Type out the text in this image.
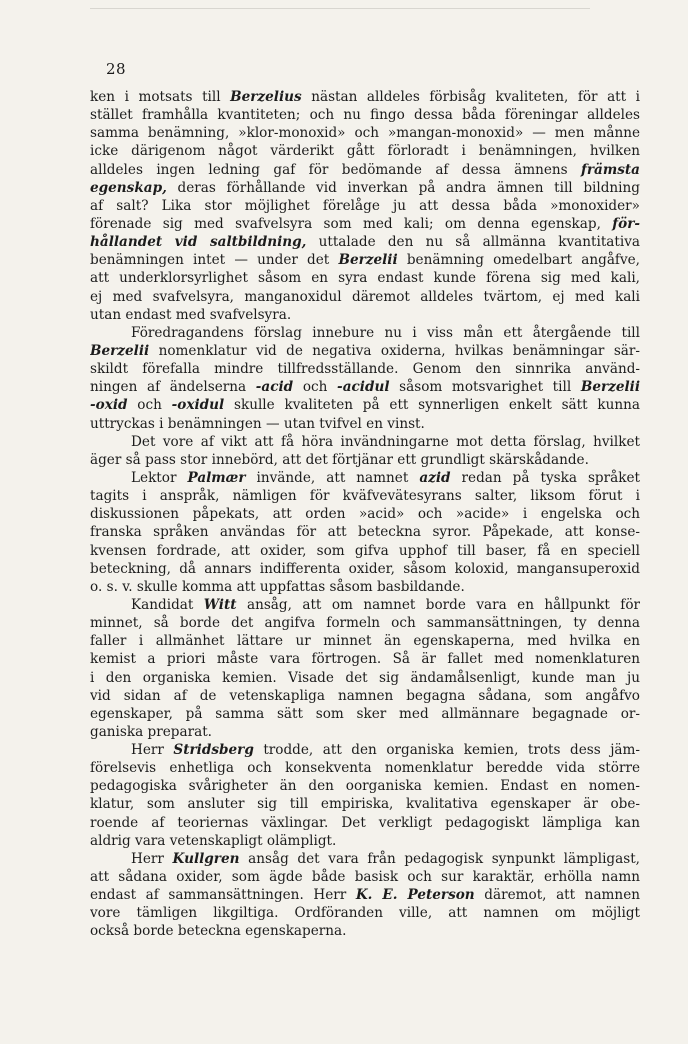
28
ken i motsats till Berzelius nästan alldeles förbisåg kvaliteten, för att i
stället framhålla kvantiteten; och nu fingo dessa båda föreningar alldeles
samma benämning, »klor-monoxid» och »mangan-monoxid» — men månne
icke därigenom något värderikt gått förloradt i benämningen, hvilken
alldeles ingen ledning gaf för bedömande af dessa ämnens främsta
egenskap, deras förhållande vid inverkan på andra ämnen till bildning
af salt? Lika stor möjlighet förelåge ju att dessa båda »monoxider»
förenade sig med svafvelsyra som med kali; om denna egenskap, för-
hållandet vid saltbildning, uttalade den nu så allmänna kvantitativa
benämningen intet — under det Berzelii benämning omedelbart angåfve,
att underklorsyrlighet såsom en syra endast kunde förena sig med kali,
ej med svafvelsyra, manganoxidul däremot alldeles tvärtom, ej med kali
utan endast med svafvelsyra.
Föredragandens förslag innebure nu i viss mån ett återgående till
Berzelii nomenklatur vid de negativa oxiderna, hvilkas benämningar sär-
skildt förefalla mindre tillfredsställande. Genom den sinnrika använd-
ningen af ändelserna -acid och -acidul såsom motsvarighet till Berzelii
-oxid och -oxidul skulle kvaliteten på ett synnerligen enkelt sätt kunna
uttryckas i benämningen — utan tvifvel en vinst.
Det vore af vikt att få höra invändningarne mot detta förslag, hvilket
äger så pass stor innebörd, att det förtjänar ett grundligt skärskådande.
Lektor Palmær invände, att namnet azid redan på tyska språket
tagits i anspråk, nämligen för kväfvevätesyrans salter, liksom förut i
diskussionen påpekats, att orden »acid» och »acide» i engelska och
franska språken användas för att beteckna syror. Påpekade, att konse-
kvensen fordrade, att oxider, som gifva upphof till baser, få en speciell
beteckning, då annars indifferenta oxider, såsom koloxid, mangansuperoxid
o. s. v. skulle komma att uppfattas såsom basbildande.
Kandidat Witt ansåg, att om namnet borde vara en hållpunkt för
minnet, så borde det angifva formeln och sammansättningen, ty denna
faller i allmänhet lättare ur minnet än egenskaperna, med hvilka en
kemist a priori måste vara förtrogen. Så är fallet med nomenklaturen
i den organiska kemien. Visade det sig ändamålsenligt, kunde man ju
vid sidan af de vetenskapliga namnen begagna sådana, som angåfvo
egenskaper, på samma sätt som sker med allmännare begagnade or-
ganiska preparat.
Herr Stridsberg trodde, att den organiska kemien, trots dess jäm-
förelsevis enhetliga och konsekventa nomenklatur beredde vida större
pedagogiska svårigheter än den oorganiska kemien. Endast en nomen-
klatur, som ansluter sig till empiriska, kvalitativa egenskaper är obe-
roende af teoriernas växlingar. Det verkligt pedagogiskt lämpliga kan
aldrig vara vetenskapligt olämpligt.
Herr Kullgren ansåg det vara från pedagogisk synpunkt lämpligast,
att sådana oxider, som ägde både basisk och sur karaktär, erhölla namn
endast af sammansättningen. Herr K. E. Peterson däremot, att namnen
vore tämligen likgiltiga. Ordföranden ville, att namnen om möjligt
också borde beteckna egenskaperna.
